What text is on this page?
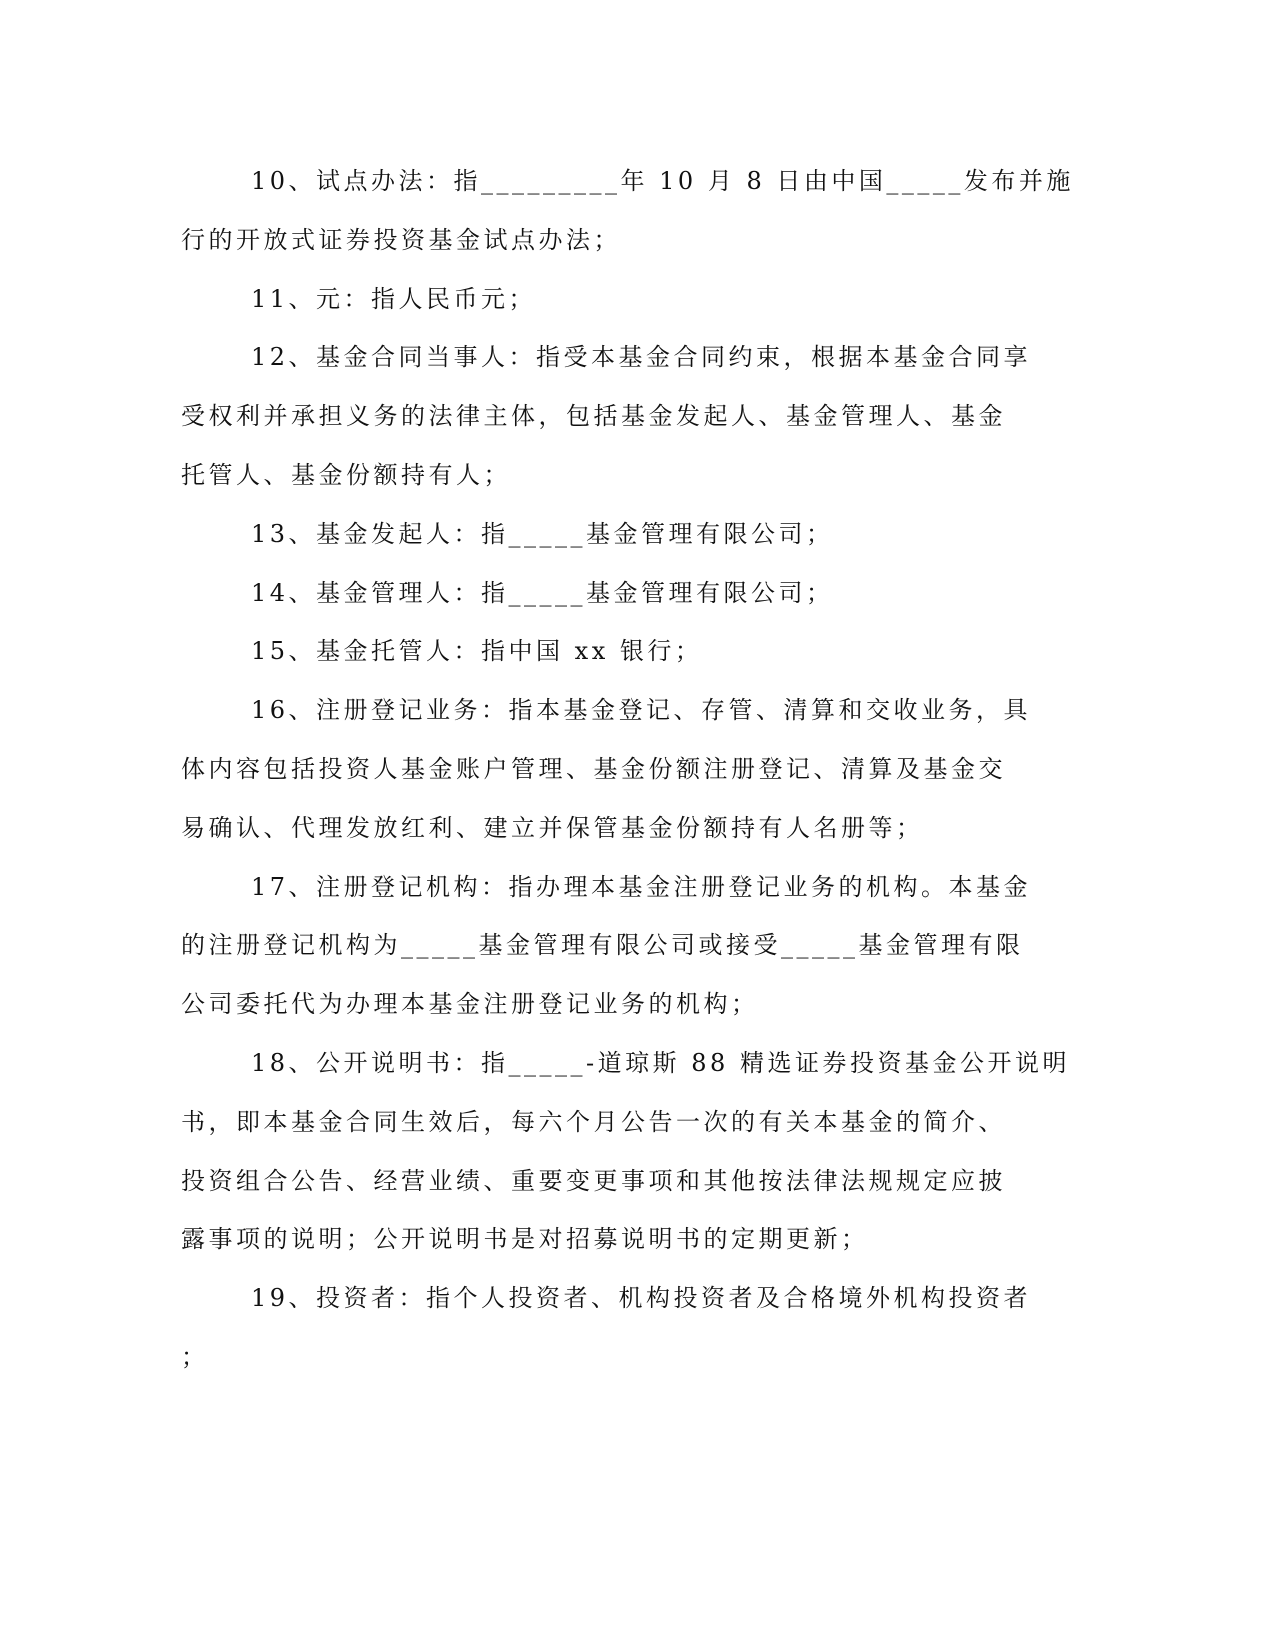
10、试点办法：指_________年 10 月 8 日由中国_____发布并施
行的开放式证券投资基金试点办法；
11、元：指人民币元；
12、基金合同当事人：指受本基金合同约束，根据本基金合同享
受权利并承担义务的法律主体，包括基金发起人、基金管理人、基金
托管人、基金份额持有人；
13、基金发起人：指_____基金管理有限公司；
14、基金管理人：指_____基金管理有限公司；
15、基金托管人：指中国 xx 银行；
16、注册登记业务：指本基金登记、存管、清算和交收业务，具
体内容包括投资人基金账户管理、基金份额注册登记、清算及基金交
易确认、代理发放红利、建立并保管基金份额持有人名册等；
17、注册登记机构：指办理本基金注册登记业务的机构。本基金
的注册登记机构为_____基金管理有限公司或接受_____基金管理有限
公司委托代为办理本基金注册登记业务的机构；
18、公开说明书：指_____-道琼斯 88 精选证券投资基金公开说明
书，即本基金合同生效后，每六个月公告一次的有关本基金的简介、
投资组合公告、经营业绩、重要变更事项和其他按法律法规规定应披
露事项的说明；公开说明书是对招募说明书的定期更新；
19、投资者：指个人投资者、机构投资者及合格境外机构投资者
；
